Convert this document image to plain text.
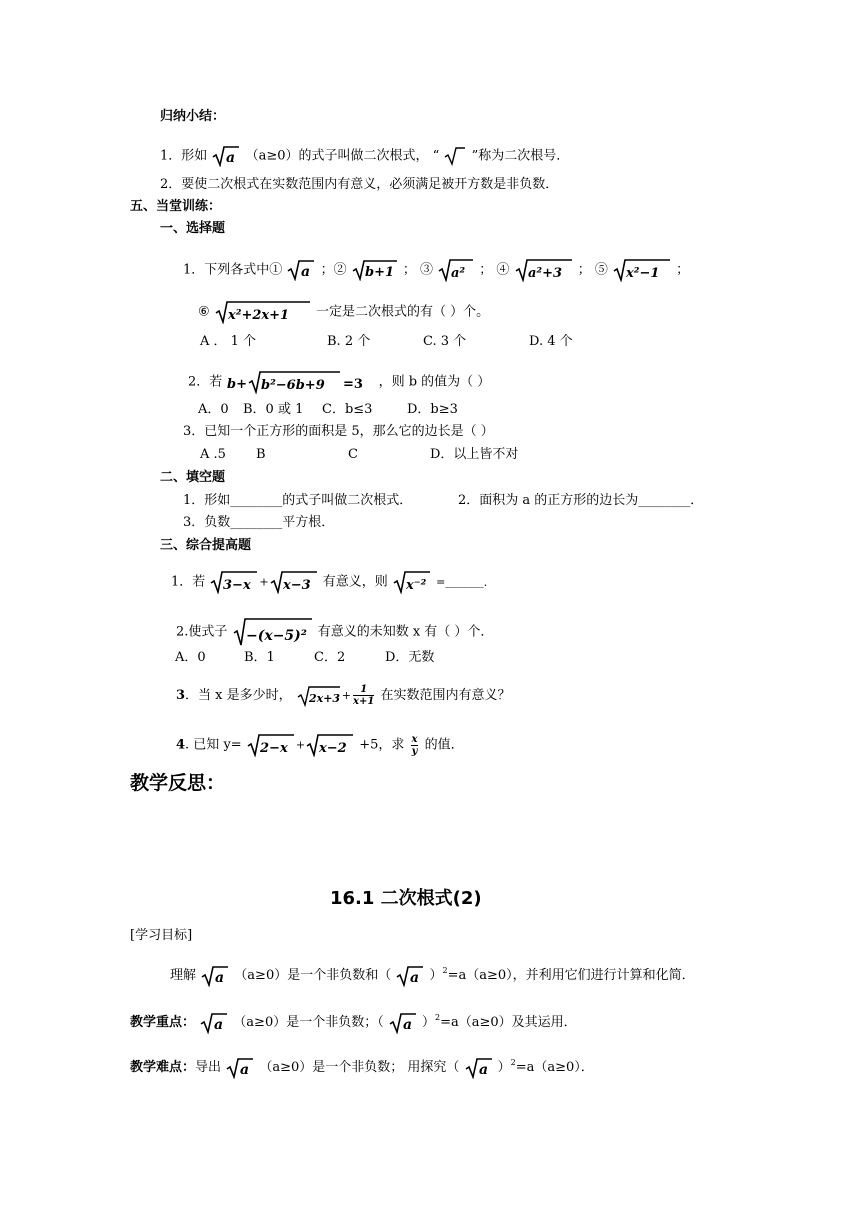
归纳小结：
1．形如 a （a≥0）的式子叫做二次根式， “ ”称为二次根号．
2．要使二次根式在实数范围内有意义，必须满足被开方数是非负数．
五、当堂训练：
一、选择题
1．下列各式中① a ；② b+1 ； ③ a² ； ④ a²+3 ； ⑤ x²−1 ；
⑥ x²+2x+1 一定是二次根式的有（ ）个。
A ． 1 个	B. 2 个	C. 3 个	D. 4 个
2．若 b+ b²−6b+9 =3 ，则 b 的值为（ ）
A．0 B．0 或 1 C．b≤3	D．b≥3
3．已知一个正方形的面积是 5，那么它的边长是（ ）
A .5 B	C	D．以上皆不对
二、填空题
1．形如________的式子叫做二次根式．	2．面积为 a 的正方形的边长为________．
3．负数________平方根．
三、综合提高题
1．若 3−x + x−3 有意义，则 x⁻² =_______．
2.使式子 −(x−5)² 有意义的未知数 x 有（ ）个．
A．0	B．1	C．2	D．无数
3．当 x 是多少时， $2x+3 + \frac{1}{x+1}$ 在实数范围内有意义？
4. 已知 y= 2−x + x−2 +5，求 $\frac{x}{y}$ 的值．
教学反思：
16.1 二次根式(2)
[学习目标]
理解 a （a≥0）是一个非负数和（ a ）$^2$=a（a≥0），并利用它们进行计算和化简．
教学重点： a （a≥0）是一个非负数；（ a ）$^2$=a（a≥0）及其运用．
教学难点：导出 a （a≥0）是一个非负数； 用探究（ a ）$^2$=a（a≥0）．
